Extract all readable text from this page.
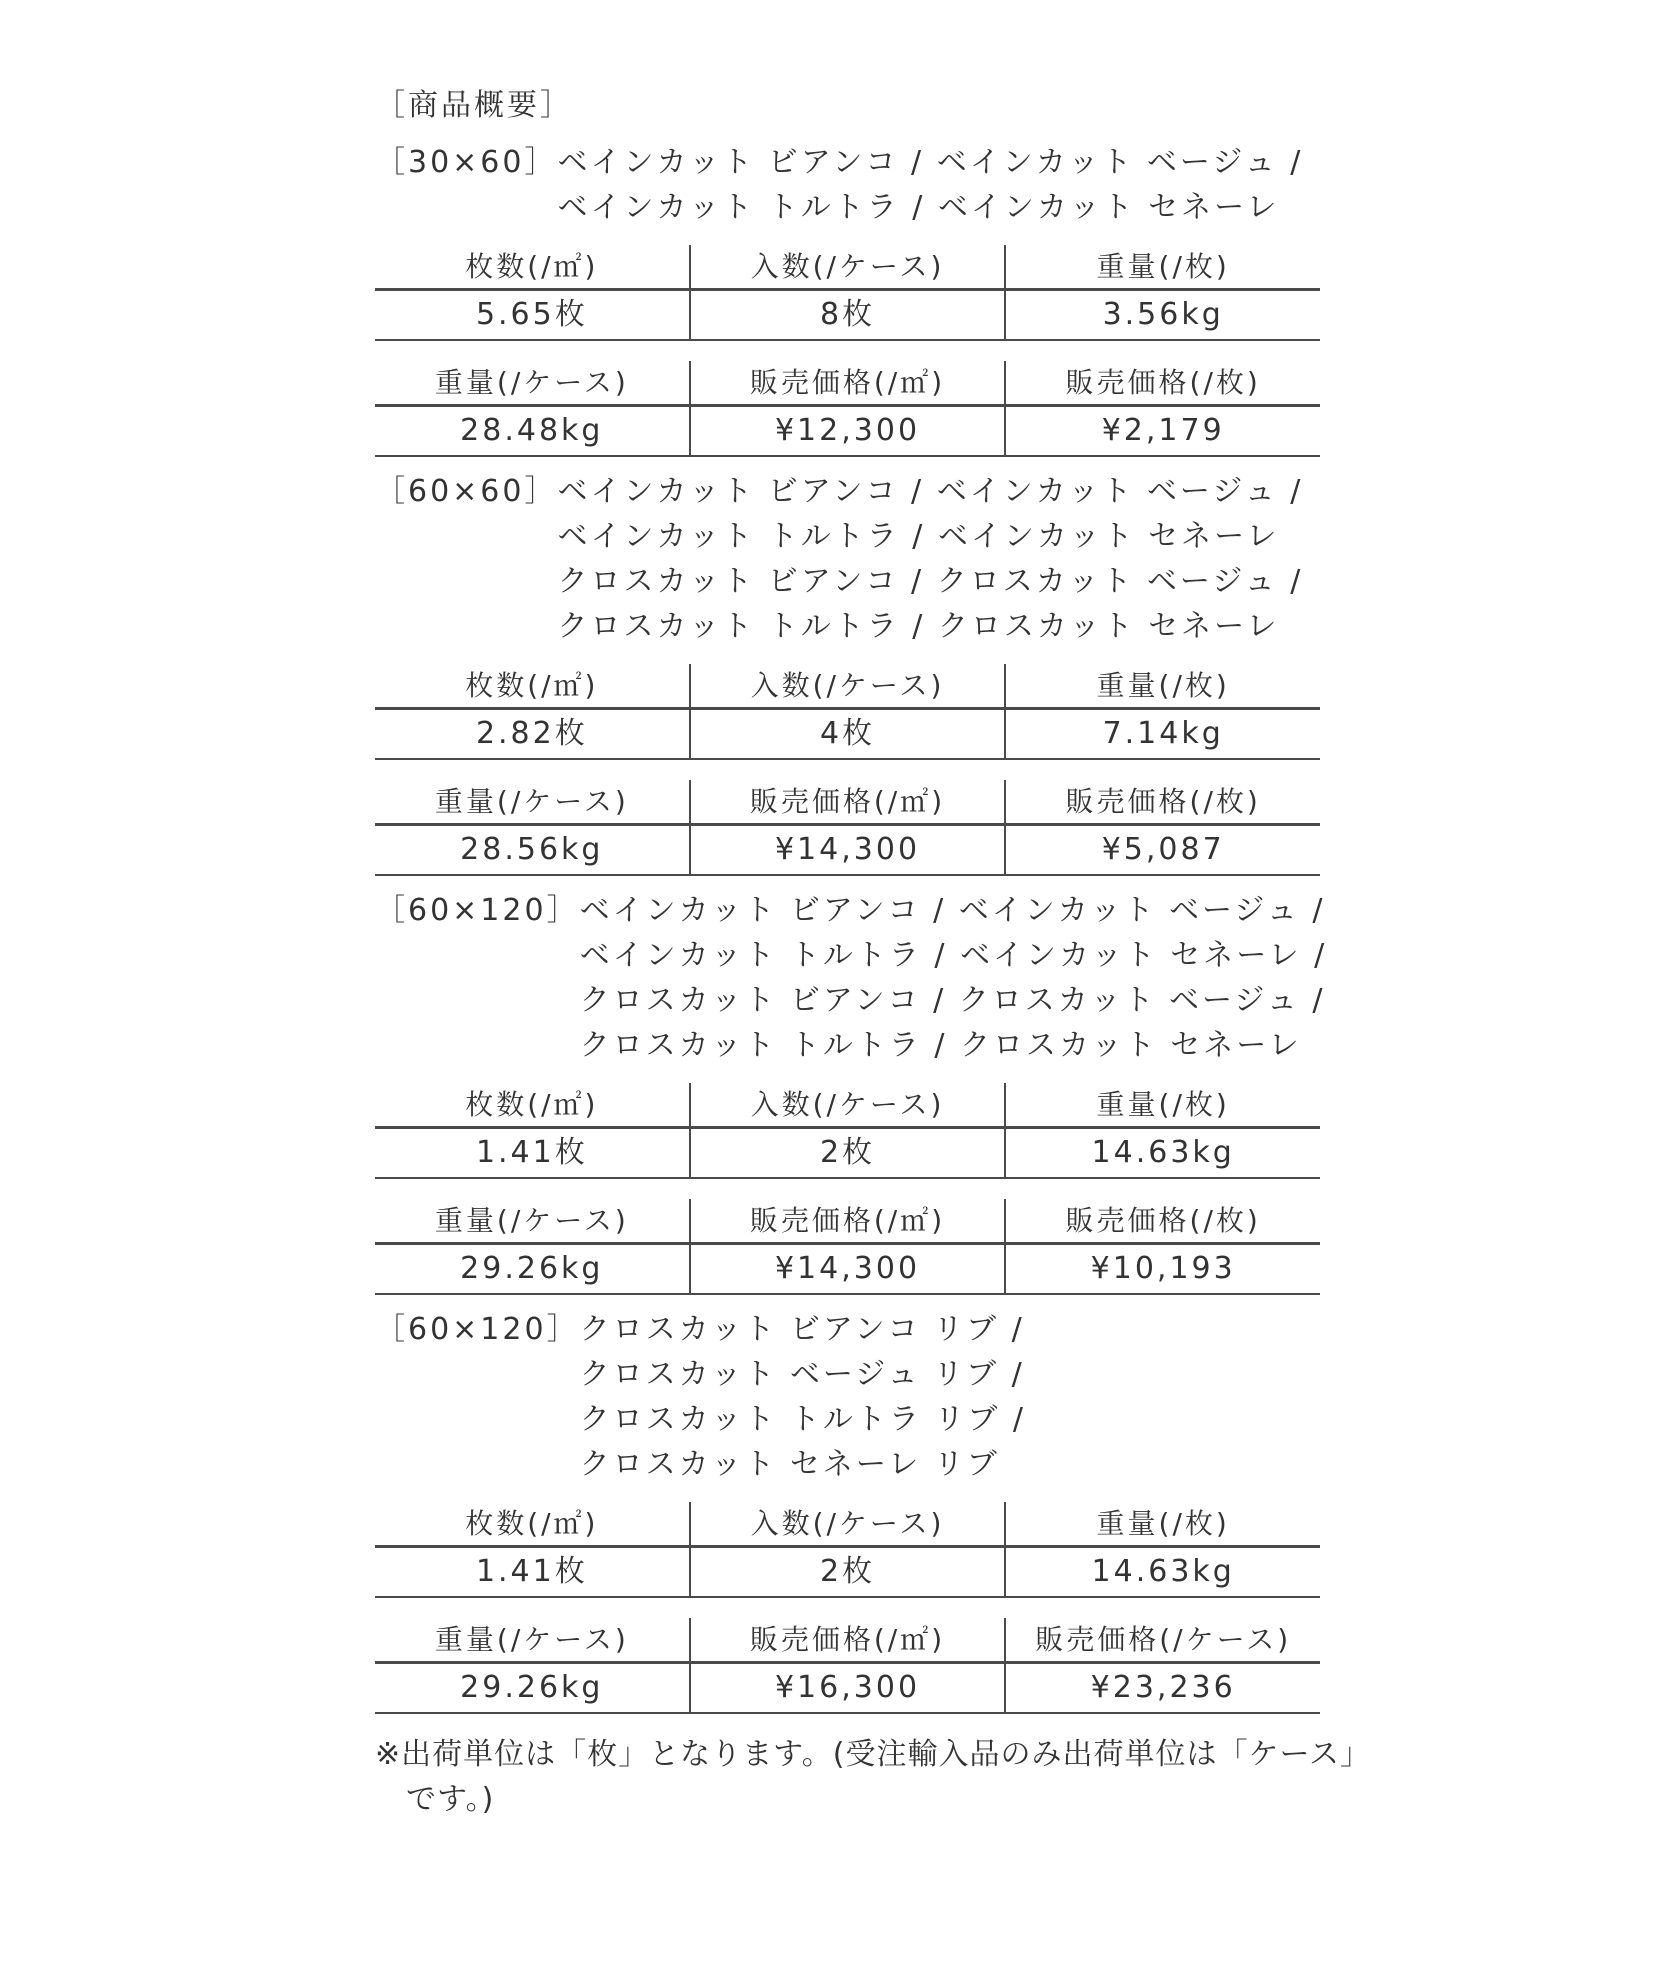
［商品概要］
［30×60］ ベインカット ビアンコ / ベインカット ベージュ /
ベインカット トルトラ / ベインカット セネーレ
枚数(/㎡)	入数(/ケース)	重量(/枚)
5.65枚	8枚	3.56kg
重量(/ケース)	販売価格(/㎡)	販売価格(/枚)
28.48kg	¥12,300	¥2,179
［60×60］ ベインカット ビアンコ / ベインカット ベージュ /
ベインカット トルトラ / ベインカット セネーレ
クロスカット ビアンコ / クロスカット ベージュ /
クロスカット トルトラ / クロスカット セネーレ
枚数(/㎡)	入数(/ケース)	重量(/枚)
2.82枚	4枚	7.14kg
重量(/ケース)	販売価格(/㎡)	販売価格(/枚)
28.56kg	¥14,300	¥5,087
［60×120］ ベインカット ビアンコ / ベインカット ベージュ /
ベインカット トルトラ / ベインカット セネーレ /
クロスカット ビアンコ / クロスカット ベージュ /
クロスカット トルトラ / クロスカット セネーレ
枚数(/㎡)	入数(/ケース)	重量(/枚)
1.41枚	2枚	14.63kg
重量(/ケース)	販売価格(/㎡)	販売価格(/枚)
29.26kg	¥14,300	¥10,193
［60×120］ クロスカット ビアンコ リブ /
クロスカット ベージュ リブ /
クロスカット トルトラ リブ /
クロスカット セネーレ リブ
枚数(/㎡)	入数(/ケース)	重量(/枚)
1.41枚	2枚	14.63kg
重量(/ケース)	販売価格(/㎡)	販売価格(/ケース)
29.26kg	¥16,300	¥23,236
※出荷単位は「枚」となります。(受注輸入品のみ出荷単位は「ケース」
　です。)
